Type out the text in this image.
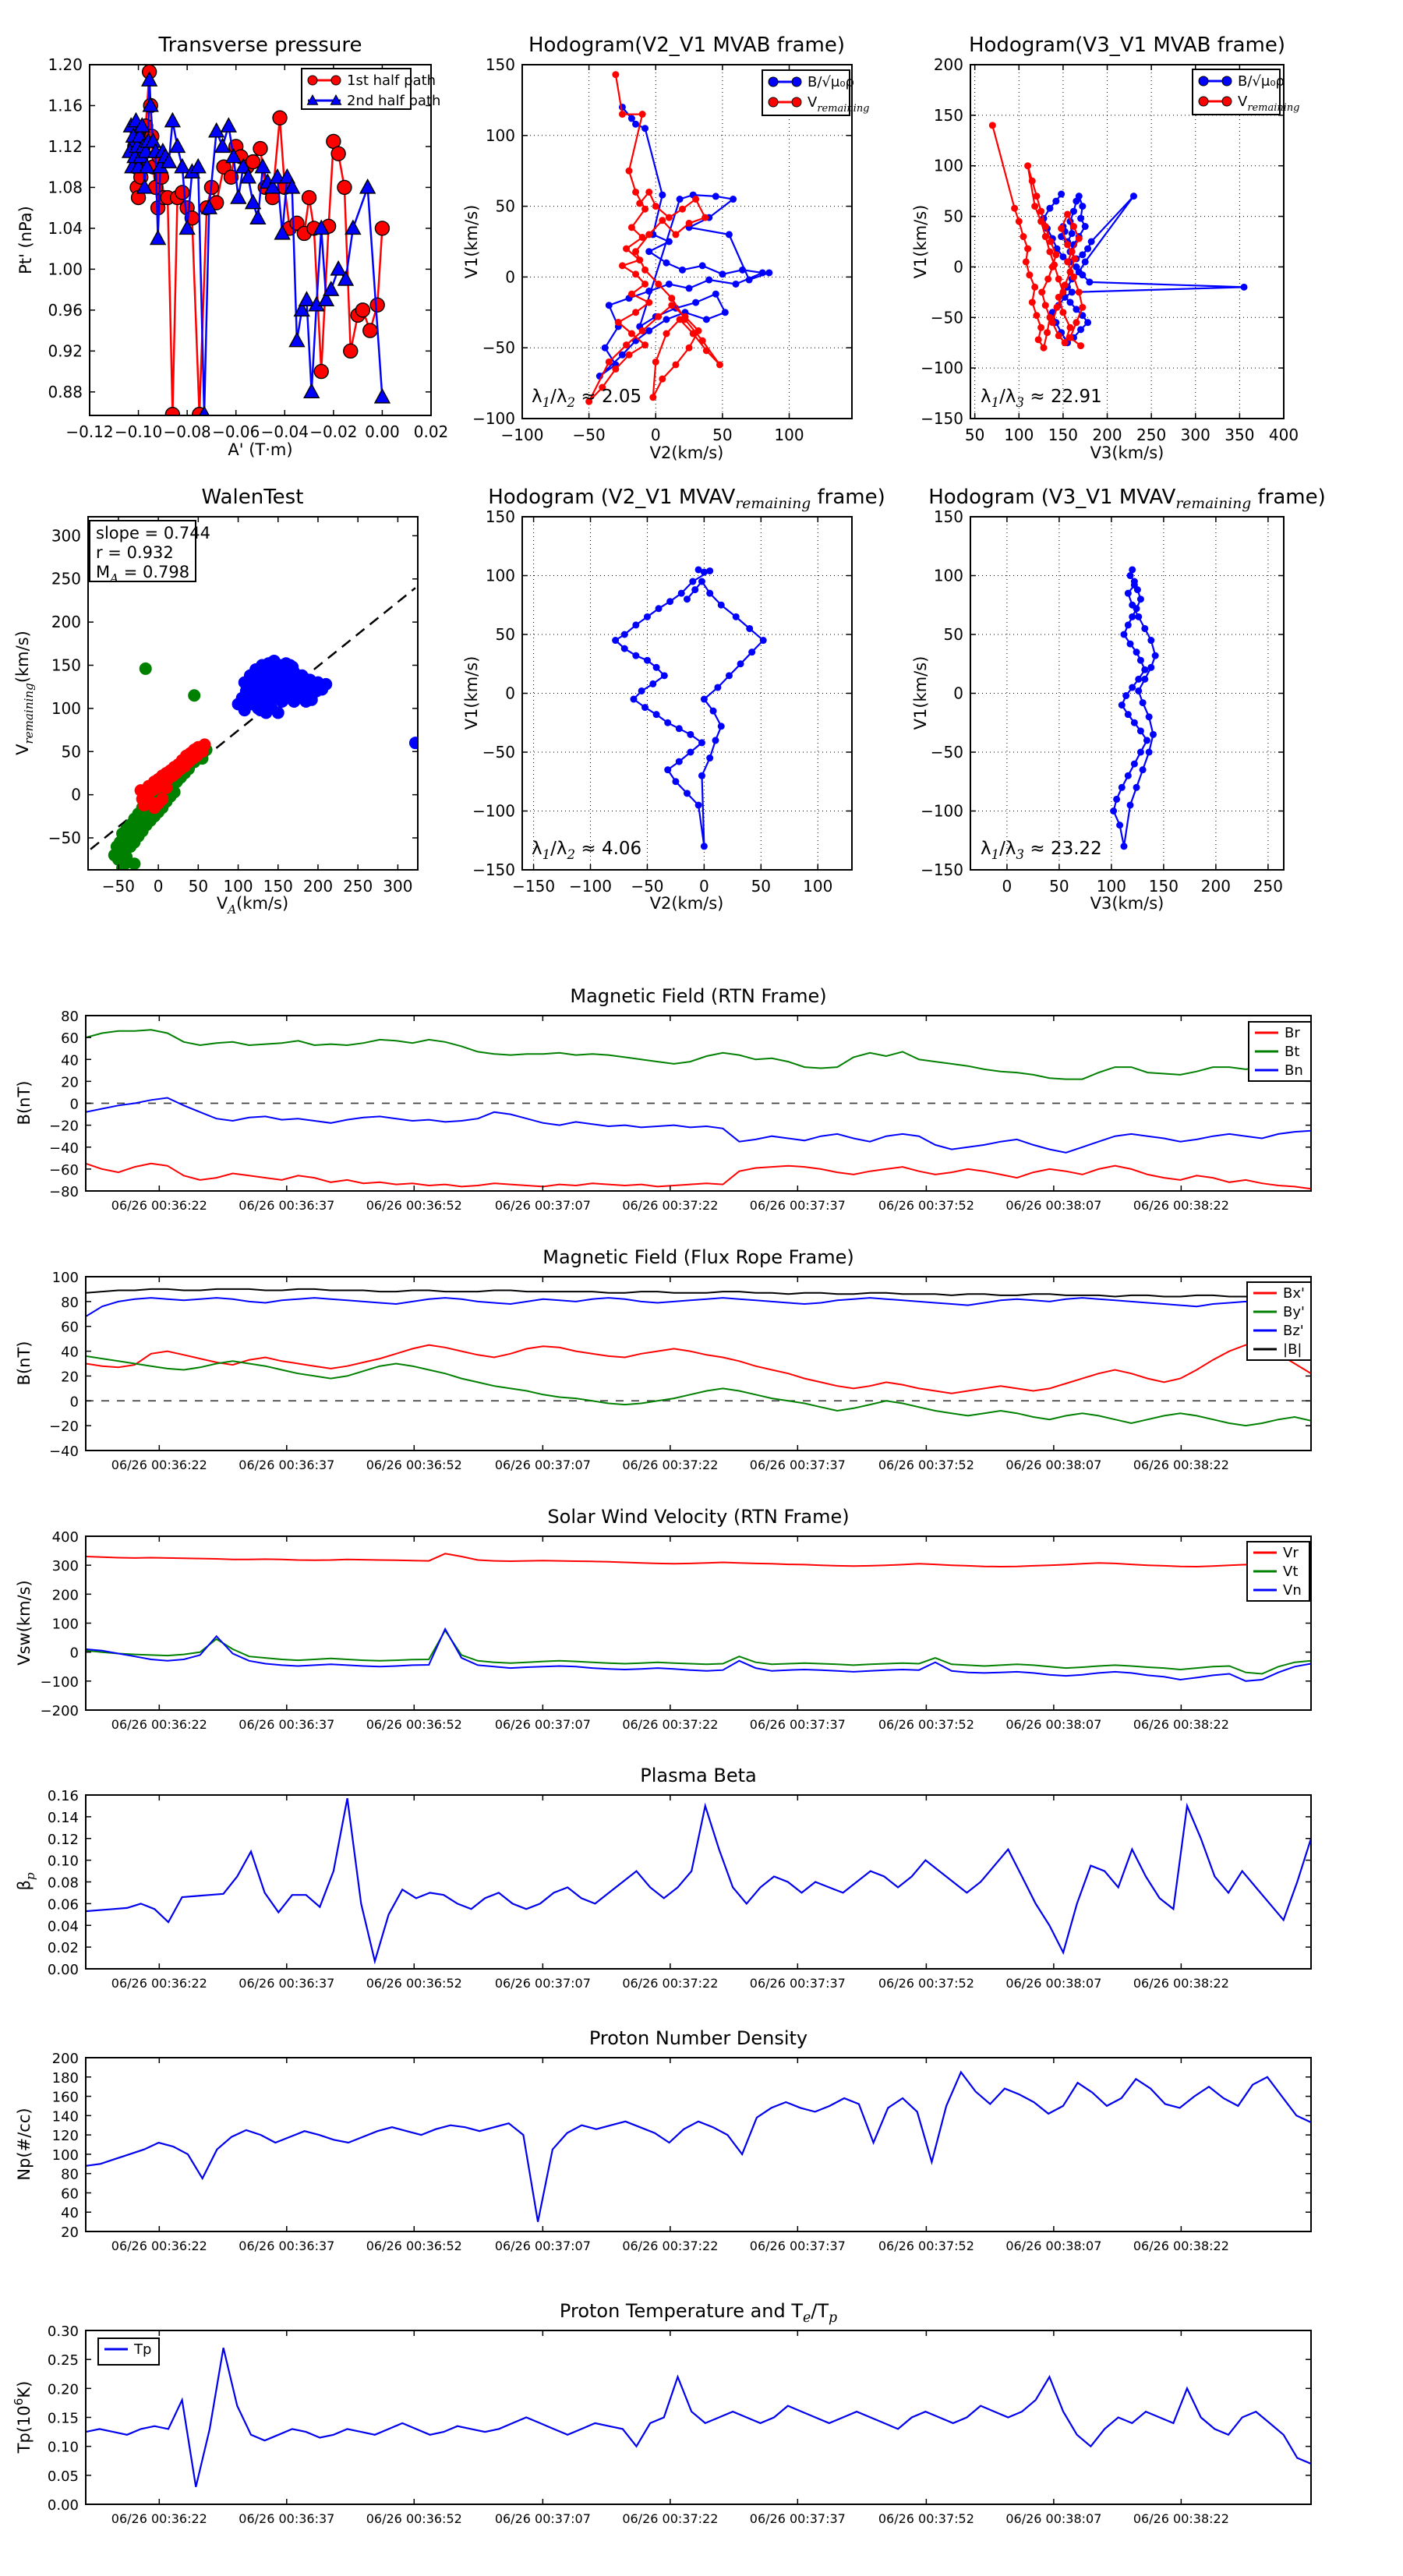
−0.12 −0.10 −0.08 −0.06 −0.04 −0.02 0.00 0.02
0.88
0.92
0.96
1.00
1.04
1.08
1.12
1.16
1.20
Transverse pressure
A' (T·m)
Pt' (nPa)
1st half path
2nd half path
−100 −50	0	50	100
−100
−50
0
50
100
150
Hodogram(V2_V1 MVAB frame)
V2(km/s)
V1(km/s)
B/√μ₀ρ
$V_{remaining}$
$\lambda_1/\lambda_2 \approx 2.05$
50 100 150 200 250 300 350 400
−150
−100
−50
0
50
100
150
200
Hodogram(V3_V1 MVAB frame)
V3(km/s)
V1(km/s)
B/√μ₀ρ
$V_{remaining}$
$\lambda_1/\lambda_3 \approx 22.91$
−50 0 50 100 150 200 250 300
−50
0
50
100
150
200
250
300
WalenTest
$V_A(km/s)$
$V_{remaining}(km/s)$
slope = 0.744
r = 0.932
$M_A = 0.798$
−150 −100 −50 0	50 100
−150
−100
−50
0
50
100
150
Hodogram (V2_V1 $MVAV_{remaining}$ frame)
V2(km/s)
V1(km/s)
$\lambda_1/\lambda_2 \approx 4.06$
0 50 100 150 200 250
−150
−100
−50
0
50
100
150
Hodogram (V3_V1 $MVAV_{remaining}$ frame)
V3(km/s)
V1(km/s)
$\lambda_1/\lambda_3 \approx 23.22$
06/26 00:36:22	06/26 00:36:37	06/26 00:36:52	06/26 00:37:07	06/26 00:37:22	06/26 00:37:37	06/26 00:37:52	06/26 00:38:07	06/26 00:38:22
−80
−60
−40
−20
0
20
40
60
80
Magnetic Field (RTN Frame)
B(nT)
Br
Bt
Bn
06/26 00:36:22	06/26 00:36:37	06/26 00:36:52	06/26 00:37:07	06/26 00:37:22	06/26 00:37:37	06/26 00:37:52	06/26 00:38:07	06/26 00:38:22
−40
−20
0
20
40
60
80
100
Magnetic Field (Flux Rope Frame)
B(nT)
Bx'
By'
Bz'
|B|
06/26 00:36:22	06/26 00:36:37	06/26 00:36:52	06/26 00:37:07	06/26 00:37:22	06/26 00:37:37	06/26 00:37:52	06/26 00:38:07	06/26 00:38:22
−200
−100
0
100
200
300
400
Solar Wind Velocity (RTN Frame)
Vsw(km/s)
Vr
Vt
Vn
06/26 00:36:22	06/26 00:36:37	06/26 00:36:52	06/26 00:37:07	06/26 00:37:22	06/26 00:37:37	06/26 00:37:52	06/26 00:38:07	06/26 00:38:22
0.00
0.02
0.04
0.06
0.08
0.10
0.12
0.14
0.16
Plasma Beta
$\beta_p$
06/26 00:36:22	06/26 00:36:37	06/26 00:36:52	06/26 00:37:07	06/26 00:37:22	06/26 00:37:37	06/26 00:37:52	06/26 00:38:07	06/26 00:38:22
20
40
60
80
100
120
140
160
180
200
Proton Number Density
Np(#/cc)
06/26 00:36:22	06/26 00:36:37	06/26 00:36:52	06/26 00:37:07	06/26 00:37:22	06/26 00:37:37	06/26 00:37:52	06/26 00:38:07	06/26 00:38:22
0.00
0.05
0.10
0.15
0.20
0.25
0.30
Proton Temperature and $T_e/T_p$
$Tp(10^6K)$
Tp
